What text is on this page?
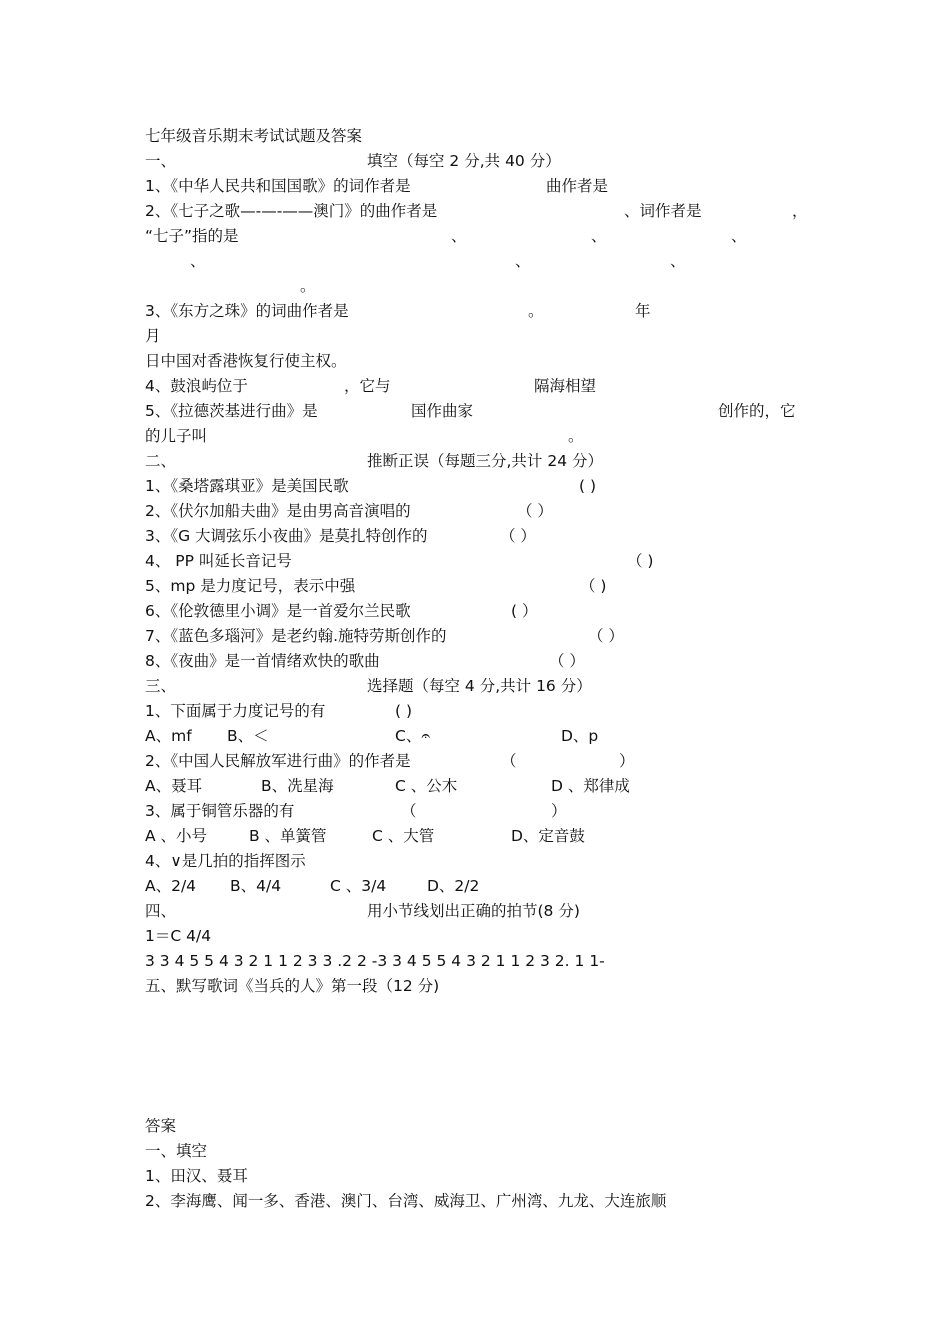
七年级音乐期末考试试题及答案
一、	填空（每空 2 分,共 40 分）
1、《中华人民共和国国歌》的词作者是	曲作者是
2、《七子之歌—-—-——澳门》的曲作者是	、词作者是	，
“七子”指的是	、	、	、
、	、	、
。
3、《东方之珠》的词曲作者是	。	年
月
日中国对香港恢复行使主权。
4、鼓浪屿位于	，它与	隔海相望
5、《拉德茨基进行曲》是	国作曲家	创作的，它
的儿子叫	。
二、	推断正误（每题三分,共计 24 分）
1、《桑塔露琪亚》是美国民歌	( )
2、《伏尔加船夫曲》是由男高音演唱的	（ ）
3、《G 大调弦乐小夜曲》是莫扎特创作的	（ ）
4、 PP 叫延长音记号	（ )
5、mp 是力度记号，表示中强	（ )
6、《伦敦德里小调》是一首爱尔兰民歌	( ）
7、《蓝色多瑙河》是老约翰.施特劳斯创作的	（ ）
8、《夜曲》是一首情绪欢快的歌曲	（ ）
三、	选择题（每空 4 分,共计 16 分）
1、下面属于力度记号的有	( )
A、mf B、＜	C、𝄐	D、p
2、《中国人民解放军进行曲》的作者是	（	）
A、聂耳	B、冼星海	C 、公木	D 、郑律成
3、属于铜管乐器的有	（	）
A 、小号	B 、单簧管	C 、大管	D、定音鼓
4、∨是几拍的指挥图示
A、2/4 B、4/4	C 、3/4	D、2/2
四、	用小节线划出正确的拍节(8 分)
1＝C 4/4
3 3 4 5 5 4 3 2 1 1 2 3 3 .2 2 -3 3 4 5 5 4 3 2 1 1 2 3 2. 1 1-
五、默写歌词《当兵的人》第一段（12 分)
答案
一、填空
1、田汉、聂耳
2、李海鹰、闻一多、香港、澳门、台湾、威海卫、广州湾、九龙、大连旅顺
